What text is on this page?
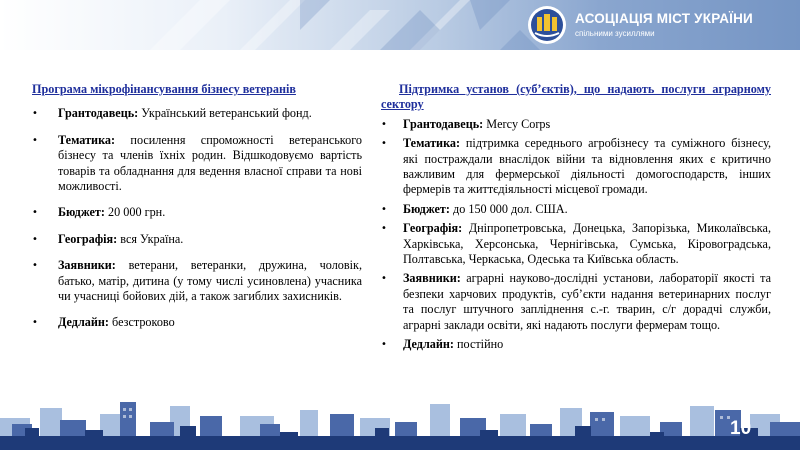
АСОЦІАЦІЯ МІСТ УКРАЇНИ
спільними зусиллями
Програма мікрофінансування бізнесу ветеранів
• Грантодавець: Український ветеранський фонд.
• Тематика: посилення спроможності ветеранського бізнесу та членів їхніх родин. Відшкодовуємо вартість товарів та обладнання для ведення власної справи та нові можливості.
• Бюджет: 20 000 грн.
• Географія: вся Україна.
• Заявники: ветерани, ветеранки, дружина, чоловік, батько, матір, дитина (у тому числі усиновлена) учасника чи учасниці бойових дій, а також загиблих захисників.
• Дедлайн: безстроково
Підтримка установ (суб’єктів), що надають послуги аграрному сектору
• Грантодавець: Mercy Corps
• Тематика: підтримка середнього агробізнесу та суміжного бізнесу, які постраждали внаслідок війни та відновлення яких є критично важливим для фермерської діяльності домогосподарств, інших фермерів та життєдіяльності місцевої громади.
• Бюджет: до 150 000 дол. США.
• Географія: Дніпропетровська, Донецька, Запорізька, Миколаївська, Харківська, Херсонська, Чернігівська, Сумська, Кіровоградська, Полтавська, Черкаська, Одеська та Київська область.
• Заявники: аграрні науково-дослідні установи, лабораторії якості та безпеки харчових продуктів, суб’єкти надання ветеринарних послуг та послуг штучного запліднення с.-г. тварин, с/г дорадчі служби, аграрні заклади освіти, які надають послуги фермерам тощо.
• Дедлайн: постійно
10
